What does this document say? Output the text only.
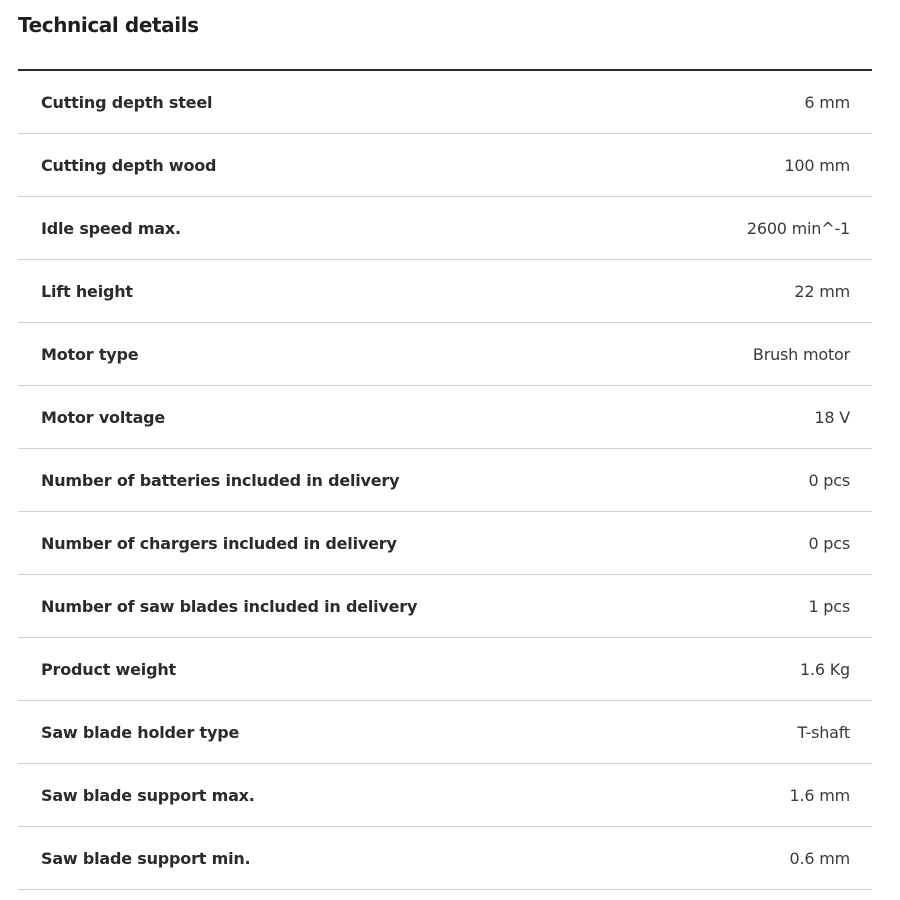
Technical details
Cutting depth steel	6 mm
Cutting depth wood	100 mm
Idle speed max.	2600 min^-1
Lift height	22 mm
Motor type	Brush motor
Motor voltage	18 V
Number of batteries included in delivery	0 pcs
Number of chargers included in delivery	0 pcs
Number of saw blades included in delivery	1 pcs
Product weight	1.6 Kg
Saw blade holder type	T-shaft
Saw blade support max.	1.6 mm
Saw blade support min.	0.6 mm
